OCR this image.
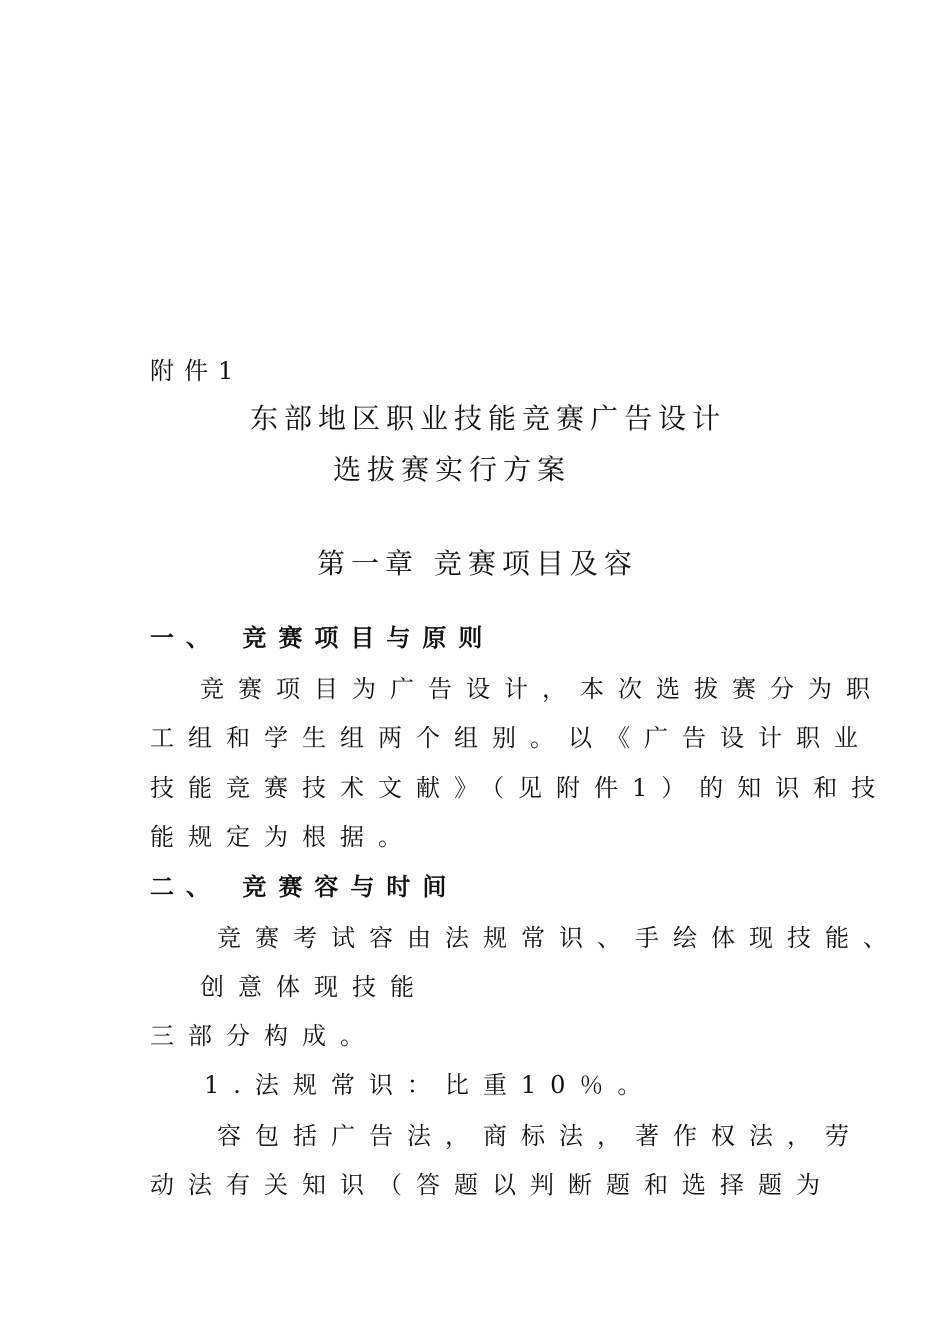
附件1
东部地区职业技能竞赛广告设计
选拔赛实行方案
第一章 竞赛项目及容
一、 竞赛项目与原则
竞赛项目为广告设计，本次选拔赛分为职
工组和学生组两个组别。以《广告设计职业
技能竞赛技术文献》（见附件1）的知识和技
能规定为根据。
二、 竞赛容与时间
竞赛考试容由法规常识、手绘体现技能、
创意体现技能
三部分构成。
1.法规常识：比重10％。
容包括广告法，商标法，著作权法，劳
动法有关知识（答题以判断题和选择题为
